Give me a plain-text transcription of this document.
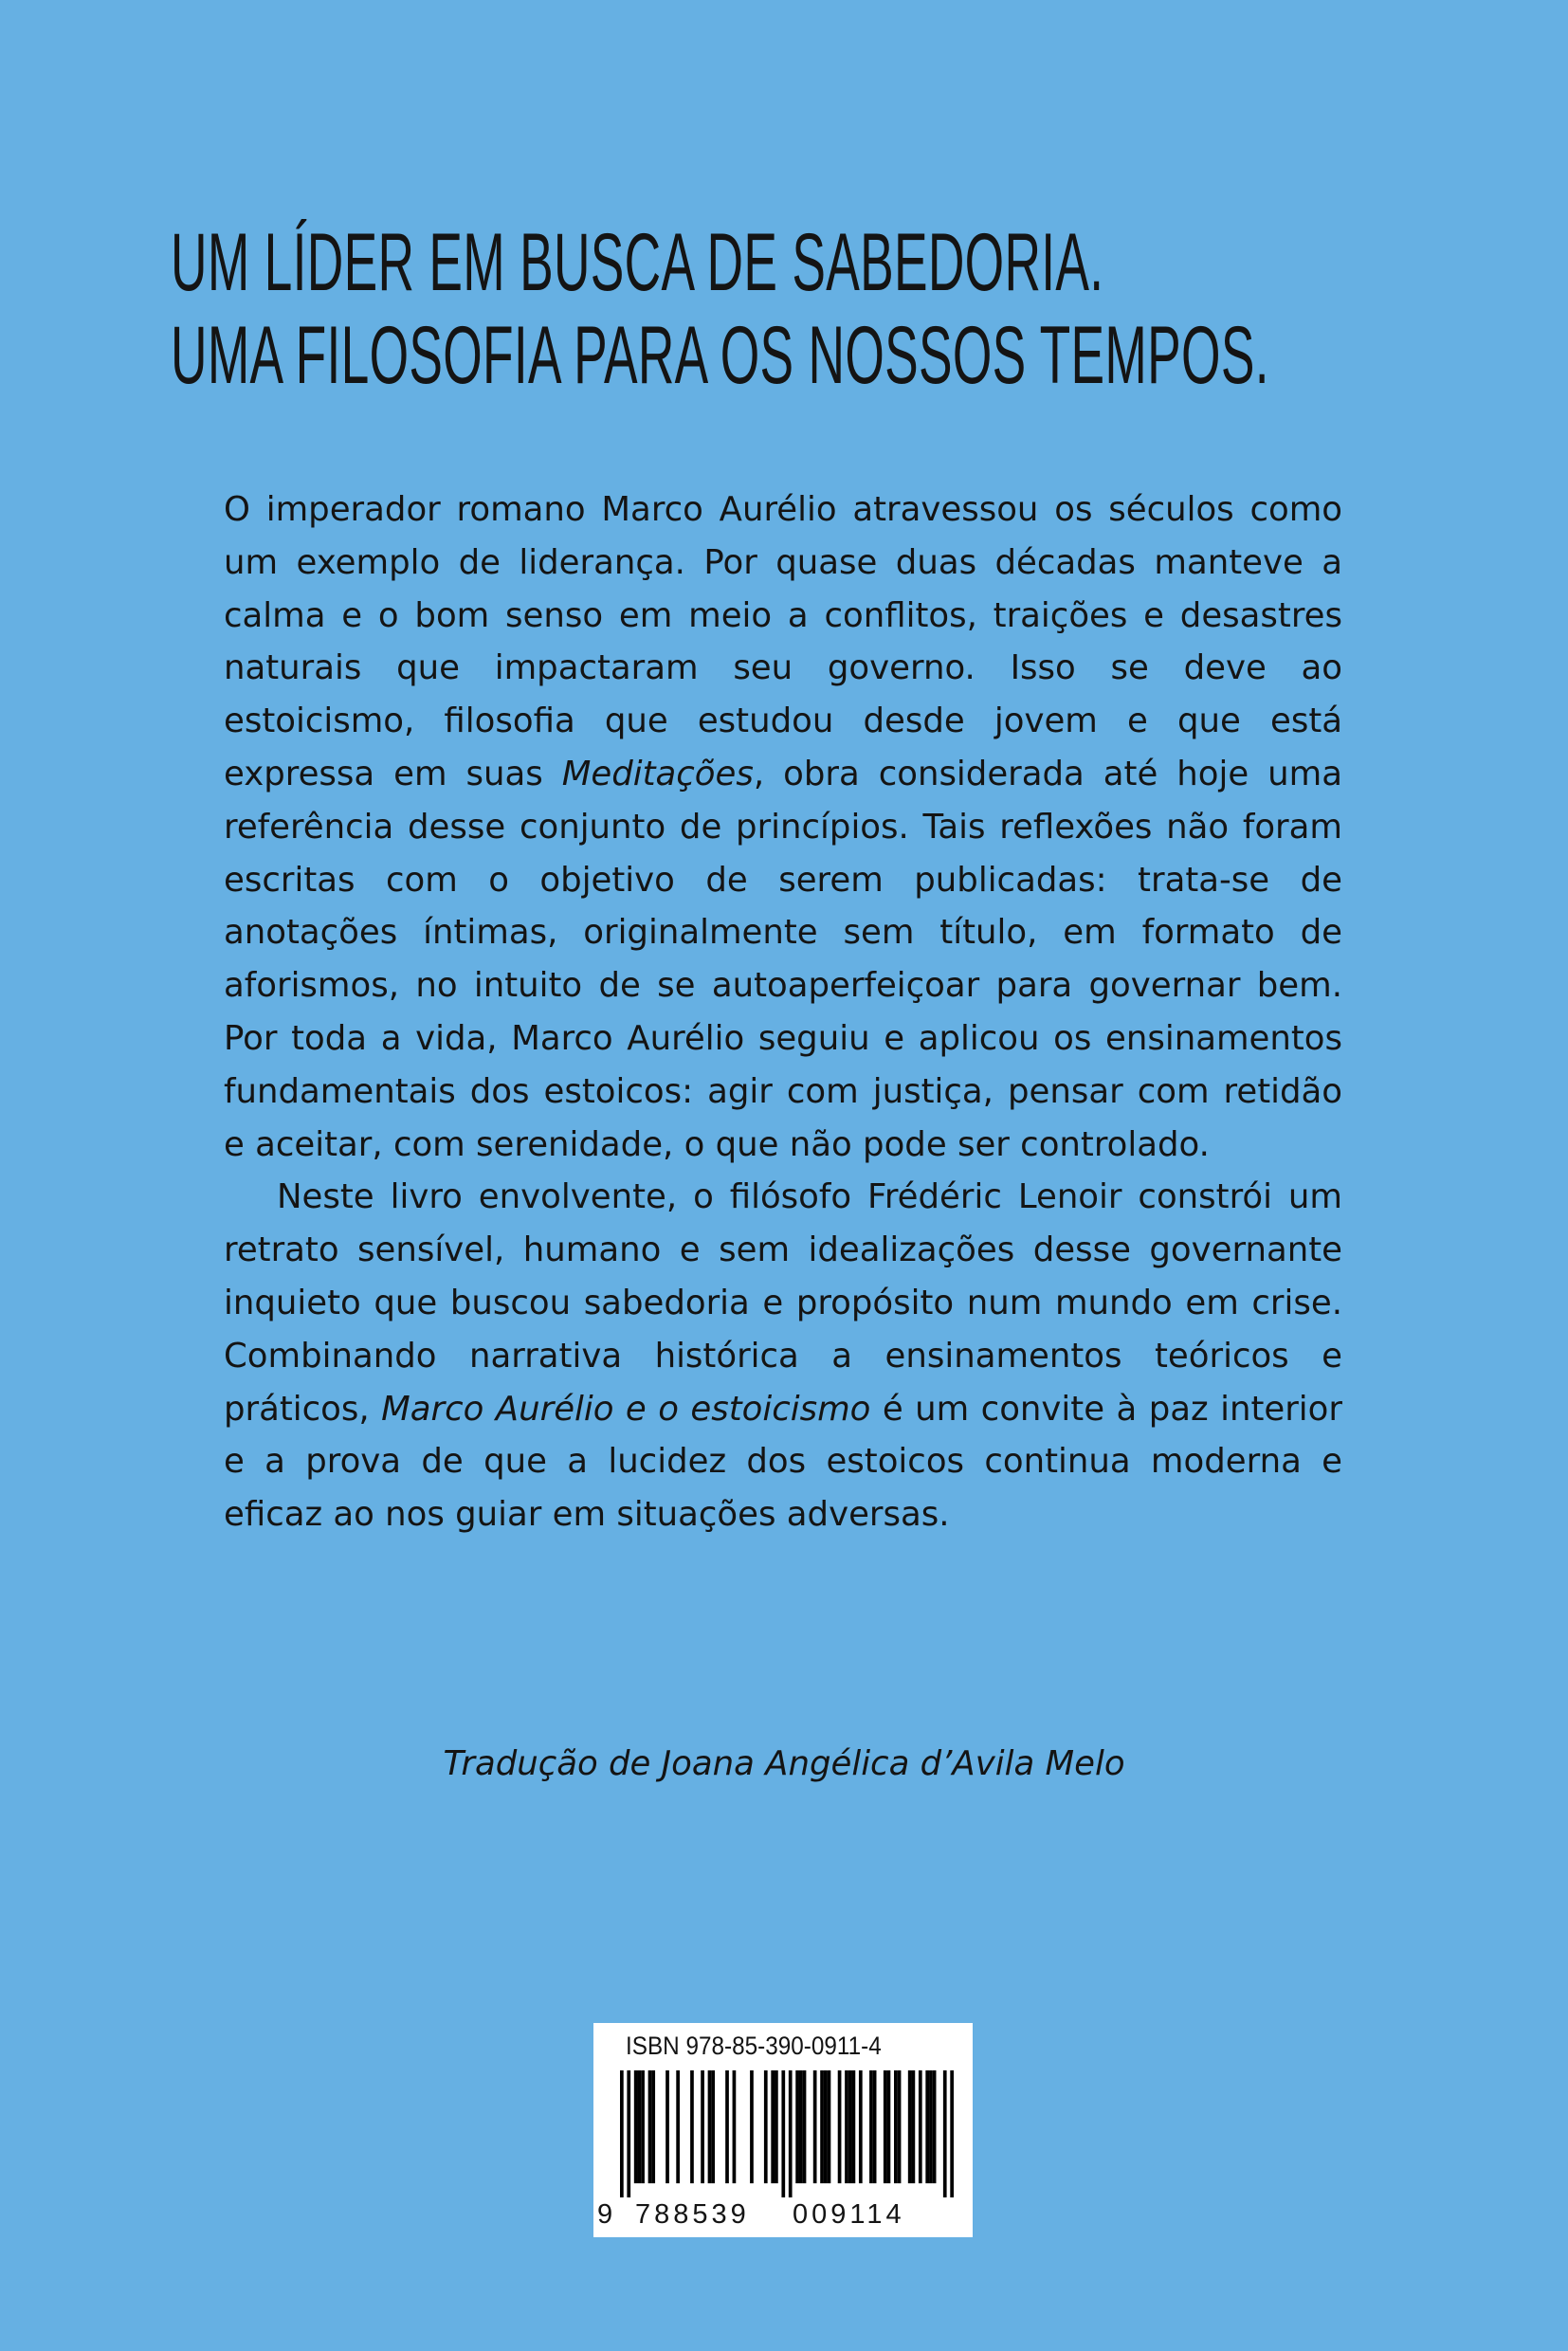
UM LÍDER EM BUSCA DE SABEDORIA.
UMA FILOSOFIA PARA OS NOSSOS TEMPOS.

O imperador romano Marco Aurélio atravessou os séculos como um exemplo de liderança. Por quase duas décadas manteve a calma e o bom senso em meio a conflitos, traições e desastres naturais que impactaram seu governo. Isso se deve ao estoicismo, filosofia que estudou desde jovem e que está expressa em suas Meditações, obra considerada até hoje uma referência desse conjunto de princípios. Tais reflexões não foram escritas com o objetivo de serem publicadas: trata-se de anotações íntimas, originalmente sem título, em formato de aforismos, no intuito de se autoaperfeiçoar para governar bem. Por toda a vida, Marco Aurélio seguiu e aplicou os ensinamentos fundamentais dos estoicos: agir com justiça, pensar com retidão e aceitar, com serenidade, o que não pode ser controlado.

Neste livro envolvente, o filósofo Frédéric Lenoir constrói um retrato sensível, humano e sem idealizações desse governante inquieto que buscou sabedoria e propósito num mundo em crise. Combinando narrativa histórica a ensinamentos teóricos e práticos, Marco Aurélio e o estoicismo é um convite à paz interior e a prova de que a lucidez dos estoicos continua moderna e eficaz ao nos guiar em situações adversas.

Tradução de Joana Angélica d’Avila Melo

ISBN 978-85-390-0911-4
9 788539 009114
